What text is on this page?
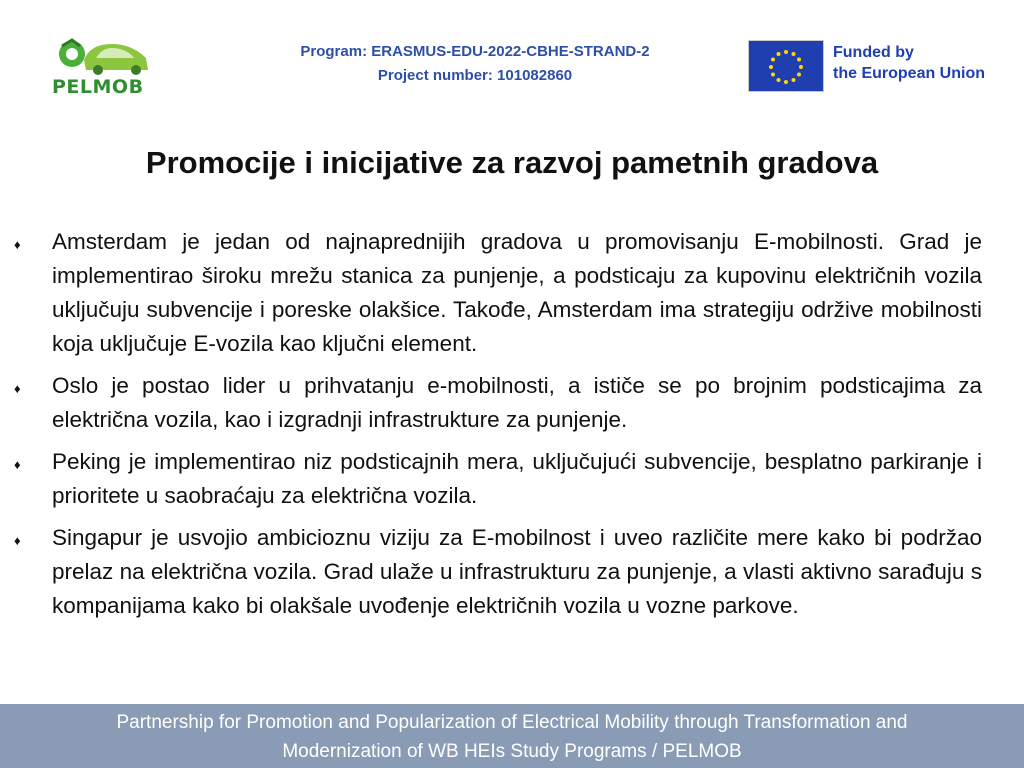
PELMOB
Program: ERASMUS-EDU-2022-CBHE-STRAND-2
Project number: 101082860
Funded by
the European Union
Promocije i inicijative za razvoj pametnih gradova
♦ Amsterdam je jedan od najnaprednijih gradova u promovisanju E-mobilnosti. Grad je implementirao široku mrežu stanica za punjenje, a podsticaju za kupovinu električnih vozila uključuju subvencije i poreske olakšice. Takođe, Amsterdam ima strategiju održive mobilnosti koja uključuje E-vozila kao ključni element.
♦ Oslo je postao lider u prihvatanju e-mobilnosti, a ističe se po brojnim podsticajima za električna vozila, kao i izgradnji infrastrukture za punjenje.
♦ Peking je implementirao niz podsticajnih mera, uključujući subvencije, besplatno parkiranje i prioritete u saobraćaju za električna vozila.
♦ Singapur je usvojio ambicioznu viziju za E-mobilnost i uveo različite mere kako bi podržao prelaz na električna vozila. Grad ulaže u infrastrukturu za punjenje, a vlasti aktivno sarađuju s kompanijama kako bi olakšale uvođenje električnih vozila u vozne parkove.
Partnership for Promotion and Popularization of Electrical Mobility through Transformation and
Modernization of WB HEIs Study Programs / PELMOB
